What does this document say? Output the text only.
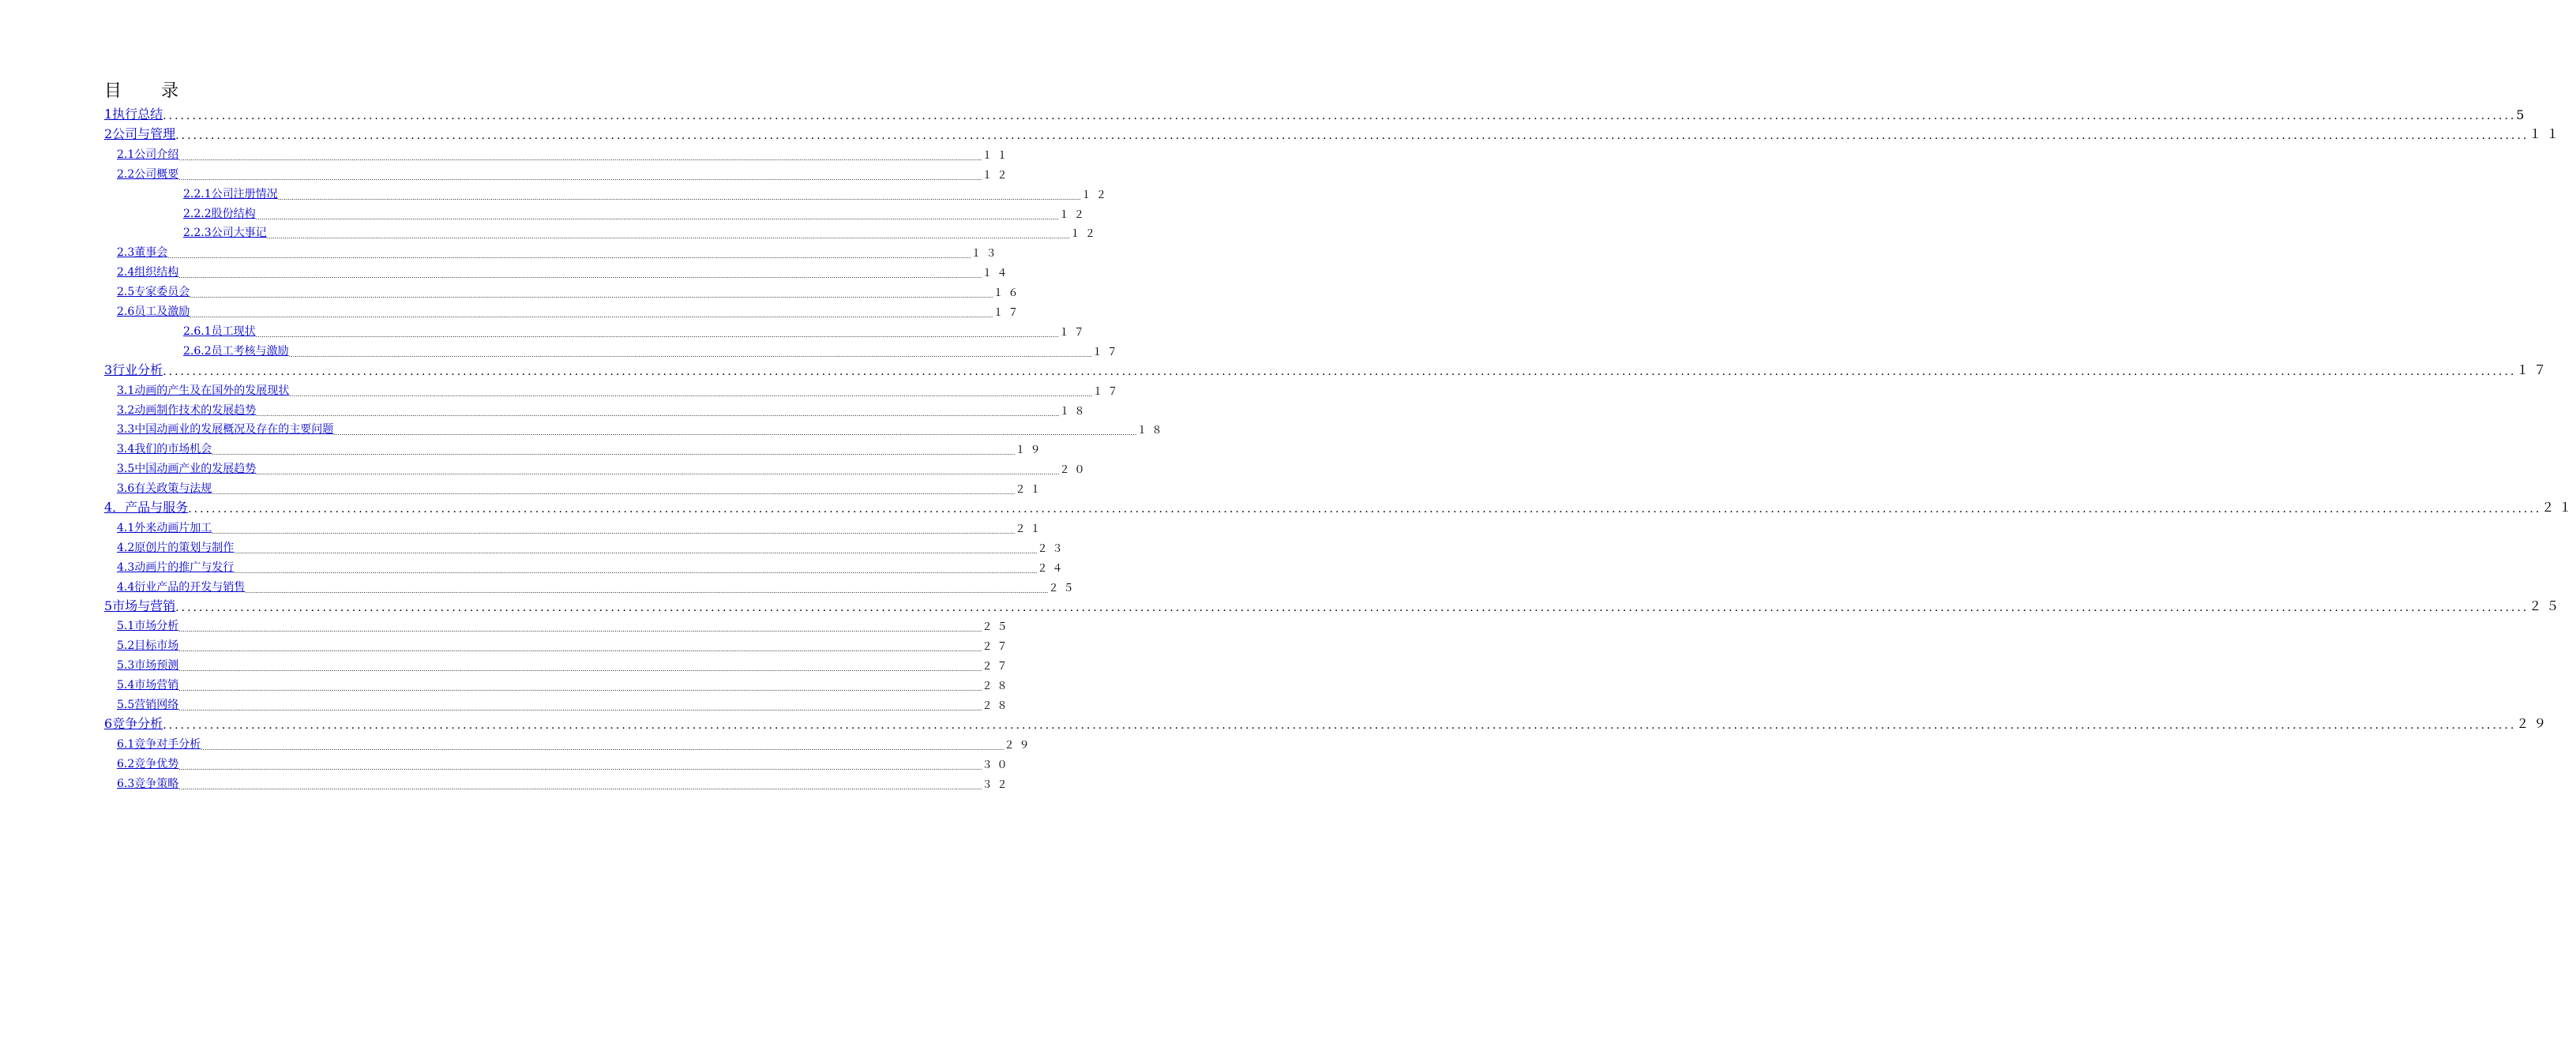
目　录
1执行总结 ................................................................................................................................................................................................................................................................................................................................................................................................................ 5
2公司与管理 ................................................................................................................................................................................................................................................................................................................................................................................................................ １１
2.1公司介绍 ................................................................................................................................................................................................................................................................................................................................................................................................................ １１
2.2公司概要 ................................................................................................................................................................................................................................................................................................................................................................................................................ １２
2.2.1公司注册情况 ................................................................................................................................................................................................................................................................................................................................................................................................................ １２
2.2.2股份结构 ................................................................................................................................................................................................................................................................................................................................................................................................................ １２
2.2.3公司大事记 ................................................................................................................................................................................................................................................................................................................................................................................................................ １２
2.3董事会 ................................................................................................................................................................................................................................................................................................................................................................................................................ １３
2.4组织结构 ................................................................................................................................................................................................................................................................................................................................................................................................................ １４
2.5专家委员会 ................................................................................................................................................................................................................................................................................................................................................................................................................ １６
2.6员工及激励 ................................................................................................................................................................................................................................................................................................................................................................................................................ １７
2.6.1员工现状 ................................................................................................................................................................................................................................................................................................................................................................................................................ １７
2.6.2员工考核与激励 ................................................................................................................................................................................................................................................................................................................................................................................................................ １７
3行业分析 ................................................................................................................................................................................................................................................................................................................................................................................................................ １７
3.1动画的产生及在国外的发展现状 ................................................................................................................................................................................................................................................................................................................................................................................................................ １７
3.2动画制作技术的发展趋势 ................................................................................................................................................................................................................................................................................................................................................................................................................ １８
3.3中国动画业的发展概况及存在的主要问题 ................................................................................................................................................................................................................................................................................................................................................................................................................ １８
3.4我们的市场机会 ................................................................................................................................................................................................................................................................................................................................................................................................................ １９
3.5中国动画产业的发展趋势 ................................................................................................................................................................................................................................................................................................................................................................................................................ ２０
3.6有关政策与法规 ................................................................................................................................................................................................................................................................................................................................................................................................................ ２１
4．产品与服务 ................................................................................................................................................................................................................................................................................................................................................................................................................ ２１
4.1外来动画片加工 ................................................................................................................................................................................................................................................................................................................................................................................................................ ２１
4.2原创片的策划与制作 ................................................................................................................................................................................................................................................................................................................................................................................................................ ２３
4.3动画片的推广与发行 ................................................................................................................................................................................................................................................................................................................................................................................................................ ２４
4.4衍业产品的开发与销售 ................................................................................................................................................................................................................................................................................................................................................................................................................ ２５
5市场与营销 ................................................................................................................................................................................................................................................................................................................................................................................................................ ２５
5.1市场分析 ................................................................................................................................................................................................................................................................................................................................................................................................................ ２５
5.2目标市场 ................................................................................................................................................................................................................................................................................................................................................................................................................ ２７
5.3市场预测 ................................................................................................................................................................................................................................................................................................................................................................................................................ ２７
5.4市场营销 ................................................................................................................................................................................................................................................................................................................................................................................................................ ２８
5.5营销网络 ................................................................................................................................................................................................................................................................................................................................................................................................................ ２８
6竞争分析 ................................................................................................................................................................................................................................................................................................................................................................................................................ ２９
6.1竞争对手分析 ................................................................................................................................................................................................................................................................................................................................................................................................................ ２９
6.2竞争优势 ................................................................................................................................................................................................................................................................................................................................................................................................................ ３０
6.3竞争策略 ................................................................................................................................................................................................................................................................................................................................................................................................................ ３２
